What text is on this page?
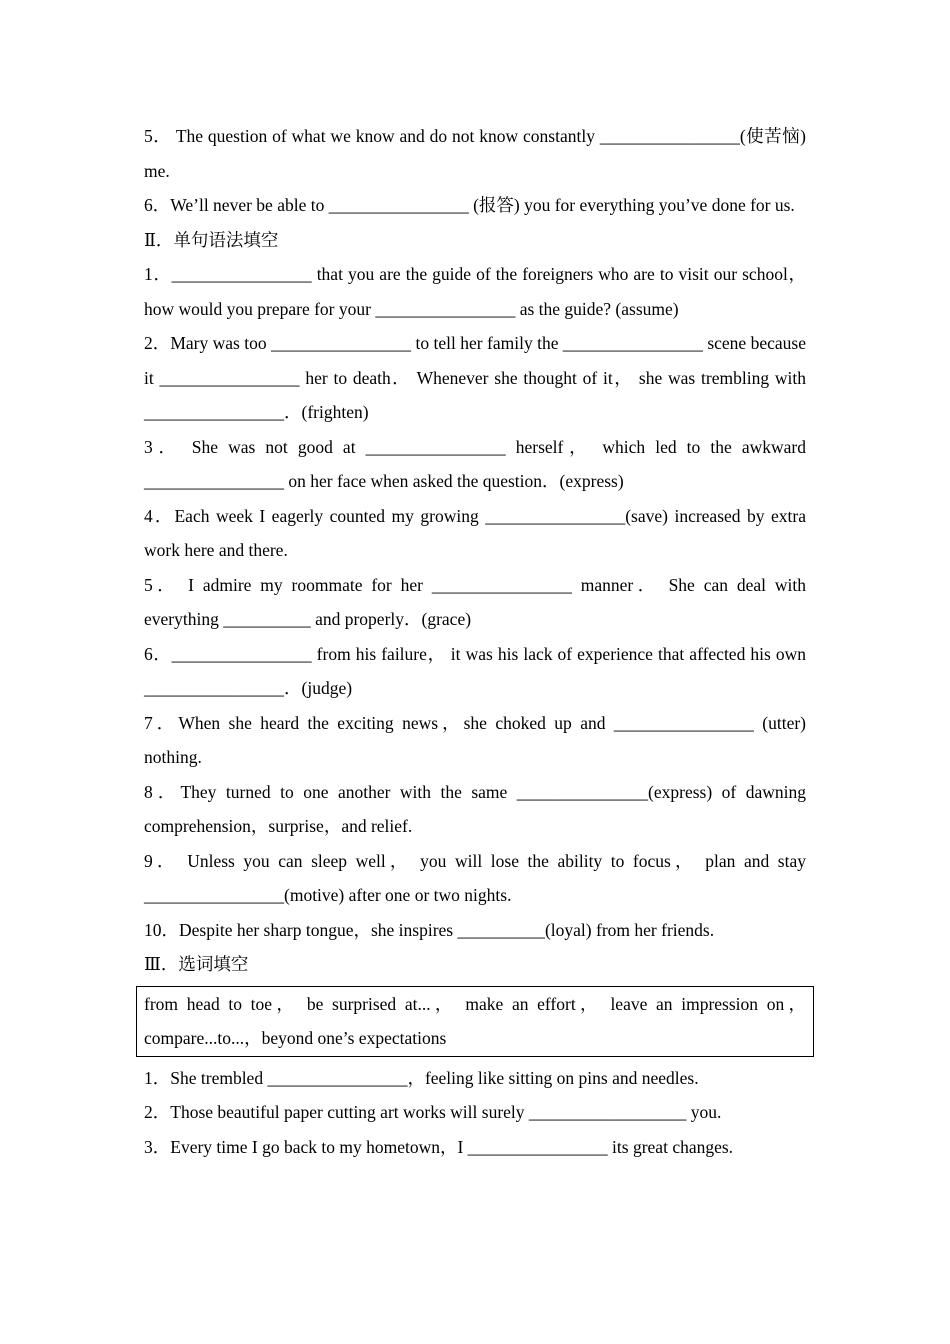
5． The question of what we know and do not know constantly ________________(使苦恼) me.

6．We’ll never be able to ________________ (报答) you for everything you’ve done for us.

Ⅱ．单句语法填空

1．________________ that you are the guide of the foreigners who are to visit our school，how would you prepare for your ________________ as the guide? (assume)

2．Mary was too ________________ to tell her family the ________________ scene because it ________________ her to death． Whenever she thought of it， she was trembling with ________________．(frighten)

3． She was not good at ________________ herself， which led to the awkward ________________ on her face when asked the question．(express)

4．Each week I eagerly counted my growing ________________(save) increased by extra work here and there.

5． I admire my roommate for her ________________ manner． She can deal with everything __________ and properly．(grace)

6．________________ from his failure， it was his lack of experience that affected his own ________________．(judge)

7．When she heard the exciting news，she choked up and ________________ (utter) nothing.

8．They turned to one another with the same _______________(express) of dawning comprehension，surprise，and relief.

9． Unless you can sleep well， you will lose the ability to focus， plan and stay ________________(motive) after one or two nights.

10．Despite her sharp tongue，she inspires __________(loyal) from her friends.

Ⅲ．选词填空

from head to toe， be surprised at...， make an effort， leave an impression on，compare...to...，beyond one’s expectations

1．She trembled ________________，feeling like sitting on pins and needles.

2．Those beautiful paper cutting art works will surely __________________ you.

3．Every time I go back to my hometown，I ________________ its great changes.
